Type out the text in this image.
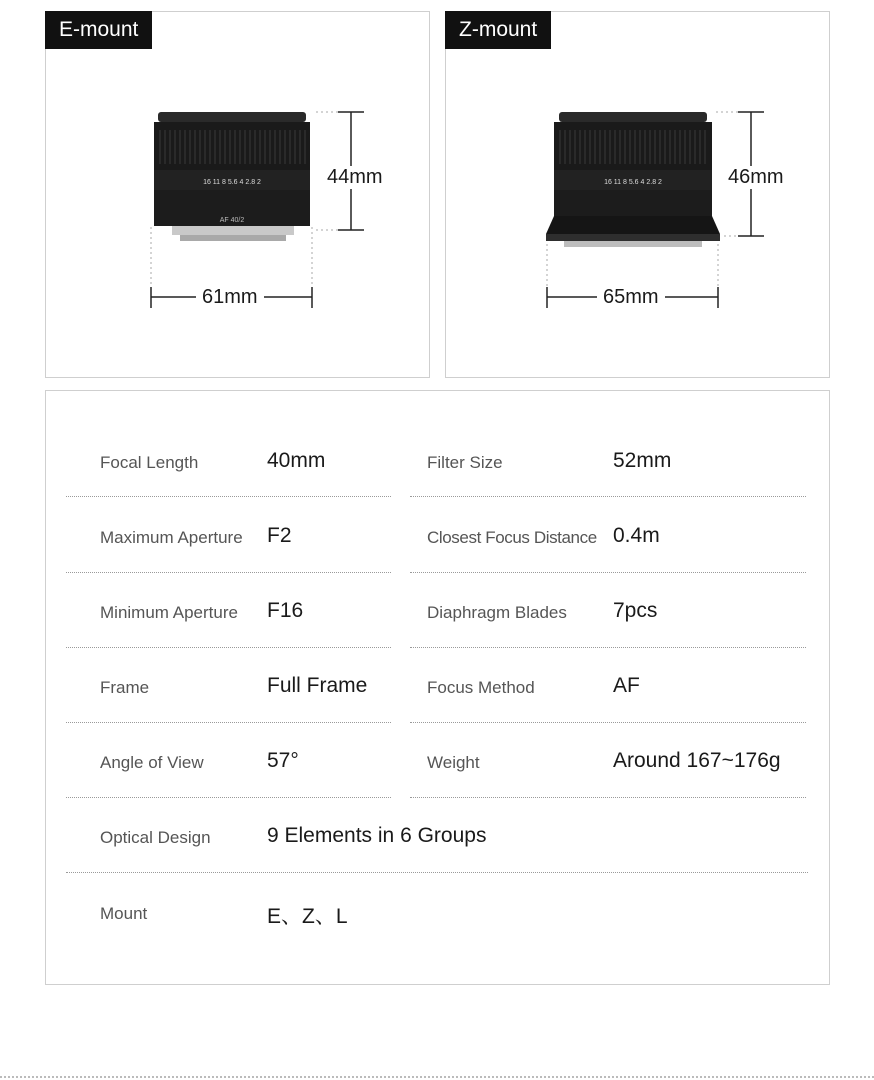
E-mount
16 11 8 5.6 4 2.8 2
AF 40/2
44mm
61mm
Z-mount
16 11 8 5.6 4 2.8 2	46mm
65mm
Focal Length	40mm	Filter Size	52mm
Maximum Aperture F2	Closest Focus Distance 0.4m
Minimum Aperture F16	Diaphragm Blades 7pcs
Frame	Full Frame	Focus Method	AF
Angle of View	57°	Weight	Around 167~176g
Optical Design	9 Elements in 6 Groups
Mount	E、Z、L
